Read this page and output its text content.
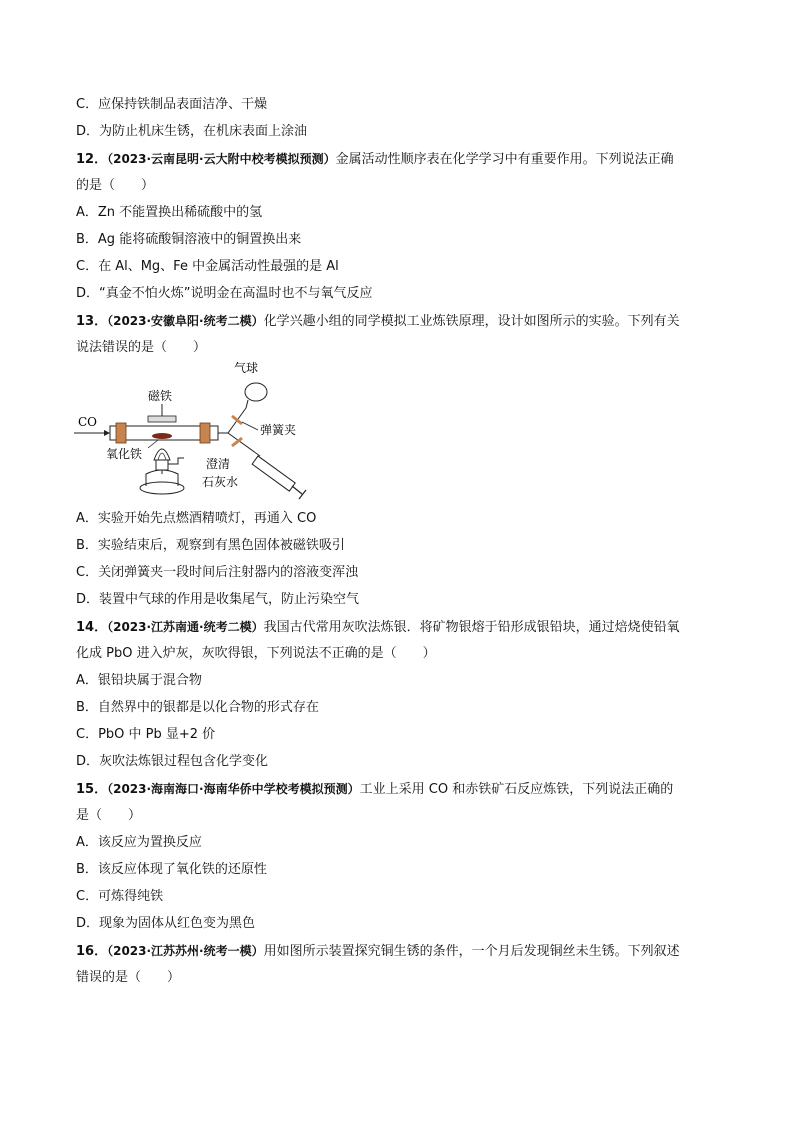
C．应保持铁制品表面洁净、干燥
D．为防止机床生锈，在机床表面上涂油
12．（2023·云南昆明·云大附中校考模拟预测）金属活动性顺序表在化学学习中有重要作用。下列说法正确
的是（　　）
A．Zn 不能置换出稀硫酸中的氢
B．Ag 能将硫酸铜溶液中的铜置换出来
C．在 Al、Mg、Fe 中金属活动性最强的是 Al
D．“真金不怕火炼”说明金在高温时也不与氧气反应
13．（2023·安徽阜阳·统考二模）化学兴趣小组的同学模拟工业炼铁原理，设计如图所示的实验。下列有关
说法错误的是（　　）
CO
磁铁
氧化铁
气球
弹簧夹
澄清
石灰水
A．实验开始先点燃酒精喷灯，再通入 CO
B．实验结束后，观察到有黑色固体被磁铁吸引
C．关闭弹簧夹一段时间后注射器内的溶液变浑浊
D．装置中气球的作用是收集尾气，防止污染空气
14．（2023·江苏南通·统考二模）我国古代常用灰吹法炼银．将矿物银熔于铅形成银铅块，通过焙烧使铅氧
化成 PbO 进入炉灰，灰吹得银，下列说法不正确的是（　　）
A．银铅块属于混合物
B．自然界中的银都是以化合物的形式存在
C．PbO 中 Pb 显+2 价
D．灰吹法炼银过程包含化学变化
15．（2023·海南海口·海南华侨中学校考模拟预测）工业上采用 CO 和赤铁矿石反应炼铁，下列说法正确的
是（　　）
A．该反应为置换反应
B．该反应体现了氧化铁的还原性
C．可炼得纯铁
D．现象为固体从红色变为黑色
16．（2023·江苏苏州·统考一模）用如图所示装置探究铜生锈的条件，一个月后发现铜丝未生锈。下列叙述
错误的是（　　）
